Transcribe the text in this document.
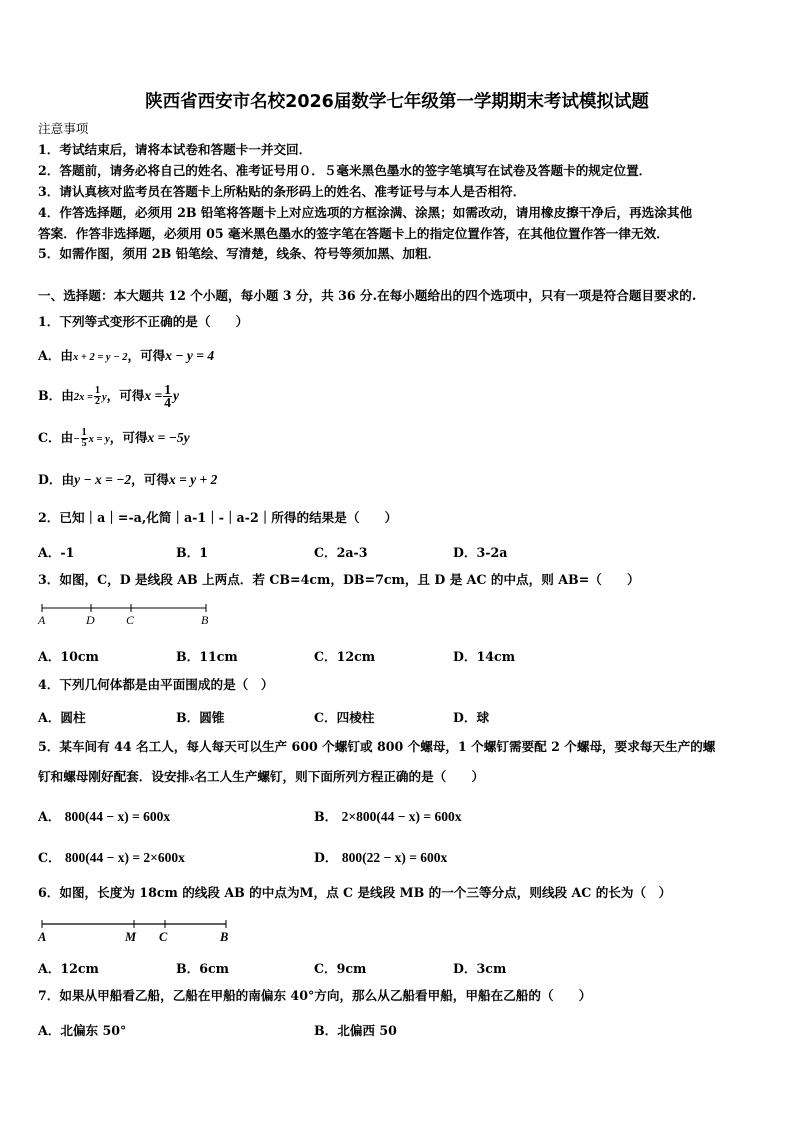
陕西省西安市名校2026届数学七年级第一学期期末考试模拟试题
注意事项
1．考试结束后，请将本试卷和答题卡一并交回．
2．答题前，请务必将自己的姓名、准考证号用０．５毫米黑色墨水的签字笔填写在试卷及答题卡的规定位置．
3．请认真核对监考员在答题卡上所粘贴的条形码上的姓名、准考证号与本人是否相符．
4．作答选择题，必须用 2B 铅笔将答题卡上对应选项的方框涂满、涂黑；如需改动，请用橡皮擦干净后，再选涂其他
答案．作答非选择题，必须用 05 毫米黑色墨水的签字笔在答题卡上的指定位置作答，在其他位置作答一律无效．
5．如需作图，须用 2B 铅笔绘、写清楚，线条、符号等须加黑、加粗．
一、选择题：本大题共 12 个小题，每小题 3 分，共 36 分.在每小题给出的四个选项中，只有一项是符合题目要求的.
1．下列等式变形不正确的是（　　）
A．由x + 2 = y − 2，可得x − y = 4
B．由$2x = \frac{1}{2}$ y，可得$x = \frac{1}{4}$ y
C．由− $\frac{1}{5}$ x = y，可得x = −5y
D．由y − x = −2，可得x = y + 2
2．已知｜a｜=-a,化简｜a-1｜-｜a-2｜所得的结果是（　　）
A．-1	B．1	C．2a-3	D．3-2a
3．如图，C，D 是线段 AB 上两点．若 CB=4cm，DB=7cm，且 D 是 AC 的中点，则 AB=（　　）
A	D	C	B
A．10cm	B．11cm	C．12cm	D．14cm
4．下列几何体都是由平面围成的是（　）
A．圆柱	B．圆锥	C．四棱柱	D．球
5．某车间有 44 名工人，每人每天可以生产 600 个螺钉或 800 个螺母，1 个螺钉需要配 2 个螺母，要求每天生产的螺
钉和螺母刚好配套．设安排x名工人生产螺钉，则下面所列方程正确的是（　　）
A． 800(44 − x) = 600x	B． 2×800(44 − x) = 600x
C． 800(44 − x) = 2×600x	D． 800(22 − x) = 600x
6．如图，长度为 18cm 的线段 AB 的中点为M，点 C 是线段 MB 的一个三等分点，则线段 AC 的长为（　）
A	M C	B
A．12cm	B．6cm	C．9cm	D．3cm
7．如果从甲船看乙船，乙船在甲船的南偏东 40°方向，那么从乙船看甲船，甲船在乙船的（　　）
A．北偏东 50°	B．北偏西 50
